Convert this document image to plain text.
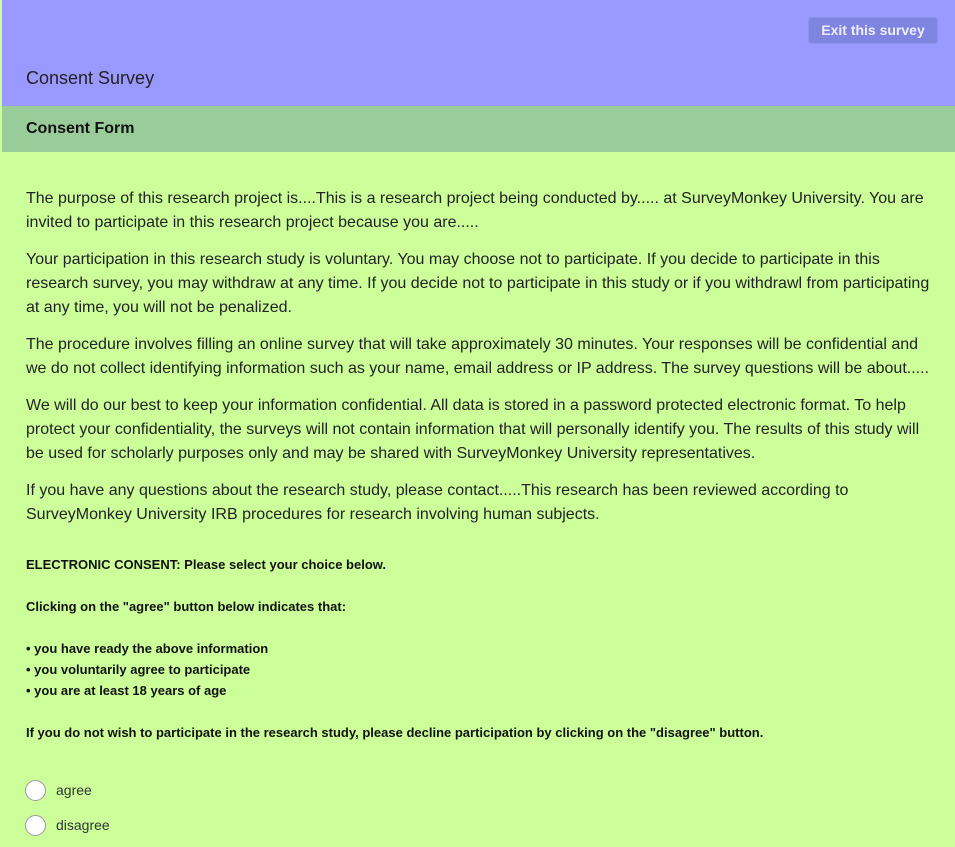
Exit this survey
Consent Survey
Consent Form

The purpose of this research project is....This is a research project being conducted by..... at SurveyMonkey University. You are invited to participate in this research project because you are.....

Your participation in this research study is voluntary. You may choose not to participate. If you decide to participate in this research survey, you may withdraw at any time. If you decide not to participate in this study or if you withdrawl from participating at any time, you will not be penalized.

The procedure involves filling an online survey that will take approximately 30 minutes. Your responses will be confidential and we do not collect identifying information such as your name, email address or IP address. The survey questions will be about.....

We will do our best to keep your information confidential. All data is stored in a password protected electronic format. To help protect your confidentiality, the surveys will not contain information that will personally identify you. The results of this study will be used for scholarly purposes only and may be shared with SurveyMonkey University representatives.

If you have any questions about the research study, please contact.....This research has been reviewed according to SurveyMonkey University IRB procedures for research involving human subjects.

ELECTRONIC CONSENT: Please select your choice below.
Clicking on the "agree" button below indicates that:
• you have ready the above information
• you voluntarily agree to participate
• you are at least 18 years of age
If you do not wish to participate in the research study, please decline participation by clicking on the "disagree" button.
agree
disagree
